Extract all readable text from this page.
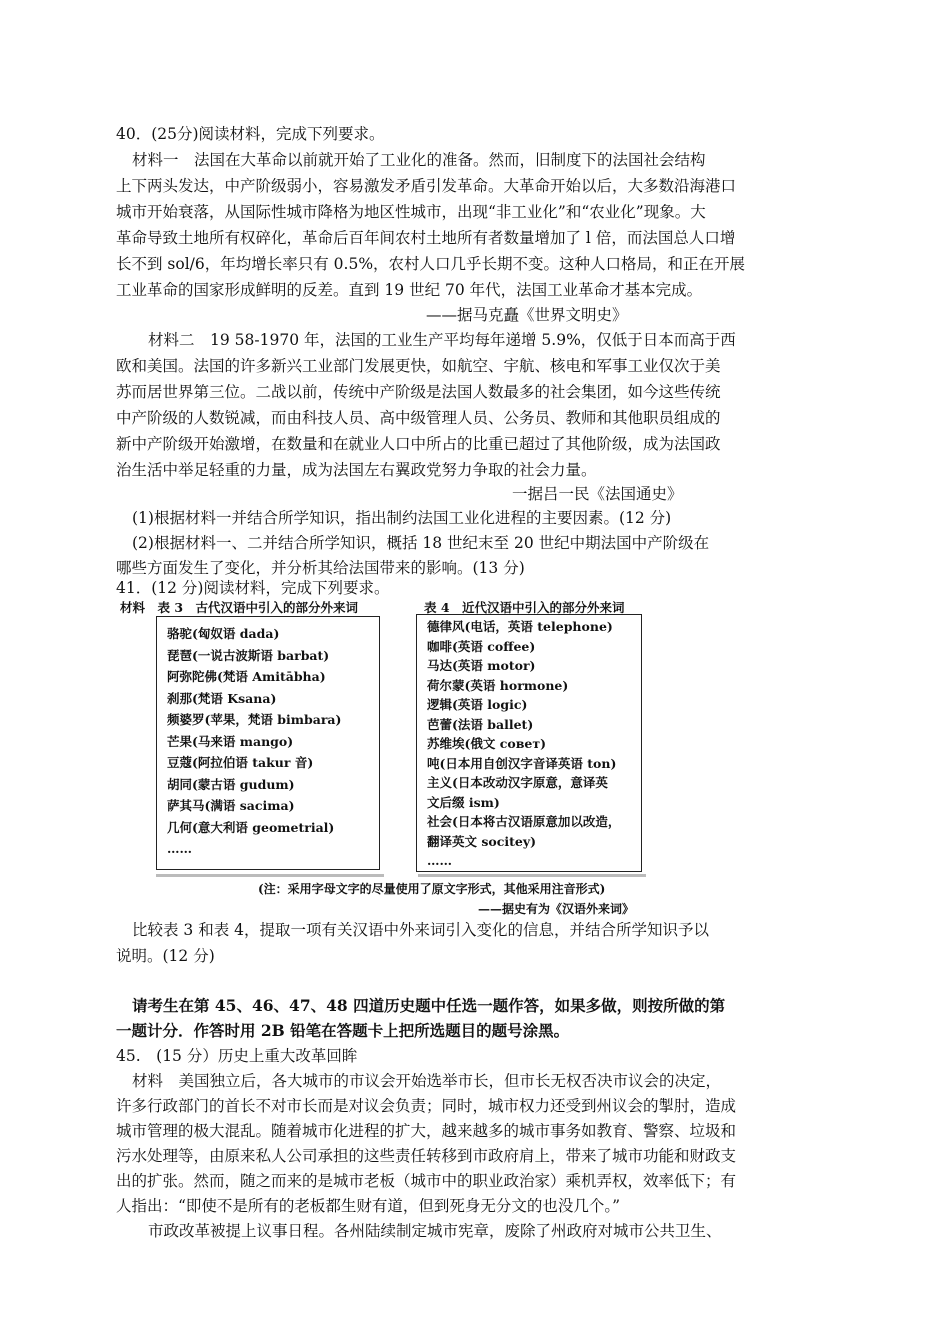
40．(25分)阅读材料，完成下列要求。
材料一　法国在大革命以前就开始了工业化的准备。然而，旧制度下的法国社会结构
上下两头发达，中产阶级弱小，容易激发矛盾引发革命。大革命开始以后，大多数沿海港口
城市开始衰落，从国际性城市降格为地区性城市，出现“非工业化”和“农业化”现象。大
革命导致土地所有权碎化，革命后百年间农村土地所有者数量增加了 l 倍，而法国总人口增
长不到 sol/6，年均增长率只有 0.5%，农村人口几乎长期不变。这种人口格局，和正在开展
工业革命的国家形成鲜明的反差。直到 19 世纪 70 年代，法国工业革命才基本完成。
——据马克矗《世界文明史》
材料二　19 58-1970 年，法国的工业生产平均每年递增 5.9%，仅低于日本而高于西
欧和美国。法国的许多新兴工业部门发展更快，如航空、宇航、核电和军事工业仅次于美
苏而居世界第三位。二战以前，传统中产阶级是法国人数最多的社会集团，如今这些传统
中产阶级的人数锐减，而由科技人员、高中级管理人员、公务员、教师和其他职员组成的
新中产阶级开始激增，在数量和在就业人口中所占的比重已超过了其他阶级，成为法国政
治生活中举足轻重的力量，成为法国左右翼政党努力争取的社会力量。
一据吕一民《法国通史》
(1)根据材料一并结合所学知识，指出制约法国工业化进程的主要因素。(12 分)
(2)根据材料一、二并结合所学知识，概括 18 世纪末至 20 世纪中期法国中产阶级在
哪些方面发生了变化，并分析其给法国带来的影响。(13 分)
41．(12 分)阅读材料，完成下列要求。
材料　表 3　古代汉语中引入的部分外来词	表 4　近代汉语中引入的部分外来词
骆驼(匈奴语 dada)
琵琶(一说古波斯语 barbat)
阿弥陀佛(梵语 Amitābha)
刹那(梵语 Ksana)
频婆罗(苹果，梵语 bimbara)
芒果(马来语 mango)
豆蔻(阿拉伯语 takur 音)
胡同(蒙古语 gudum)
萨其马(满语 sacima)
几何(意大利语 geometrial)
……
德律风(电话，英语 telephone)
咖啡(英语 coffee)
马达(英语 motor)
荷尔蒙(英语 hormone)
逻辑(英语 logic)
芭蕾(法语 ballet)
苏维埃(俄文 совет)
吨(日本用自创汉字音译英语 ton)
主义(日本改动汉字原意，意译英
文后缀 ism)
社会(日本将古汉语原意加以改造，
翻译英文 socitey)
……
(注：采用字母文字的尽量使用了原文字形式，其他采用注音形式)
——据史有为《汉语外来词》
比较表 3 和表 4，提取一项有关汉语中外来词引入变化的信息，并结合所学知识予以
说明。(12 分)
请考生在第 45、46、47、48 四道历史题中任选一题作答，如果多做，则按所做的第
一题计分．作答时用 2B 铅笔在答题卡上把所选题目的题号涂黑。
45.　(15 分）历史上重大改革回眸
材料　美国独立后，各大城市的市议会开始选举市长，但市长无权否决市议会的决定，
许多行政部门的首长不对市长而是对议会负责；同时，城市权力还受到州议会的掣肘，造成
城市管理的极大混乱。随着城市化进程的扩大，越来越多的城市事务如教育、警察、垃圾和
污水处理等，由原来私人公司承担的这些责任转移到市政府肩上，带来了城市功能和财政支
出的扩张。然而，随之而来的是城市老板（城市中的职业政治家）乘机弄权，效率低下；有
人指出：“即使不是所有的老板都生财有道，但到死身无分文的也没几个。”
市政改革被提上议事日程。各州陆续制定城市宪章，废除了州政府对城市公共卫生、
